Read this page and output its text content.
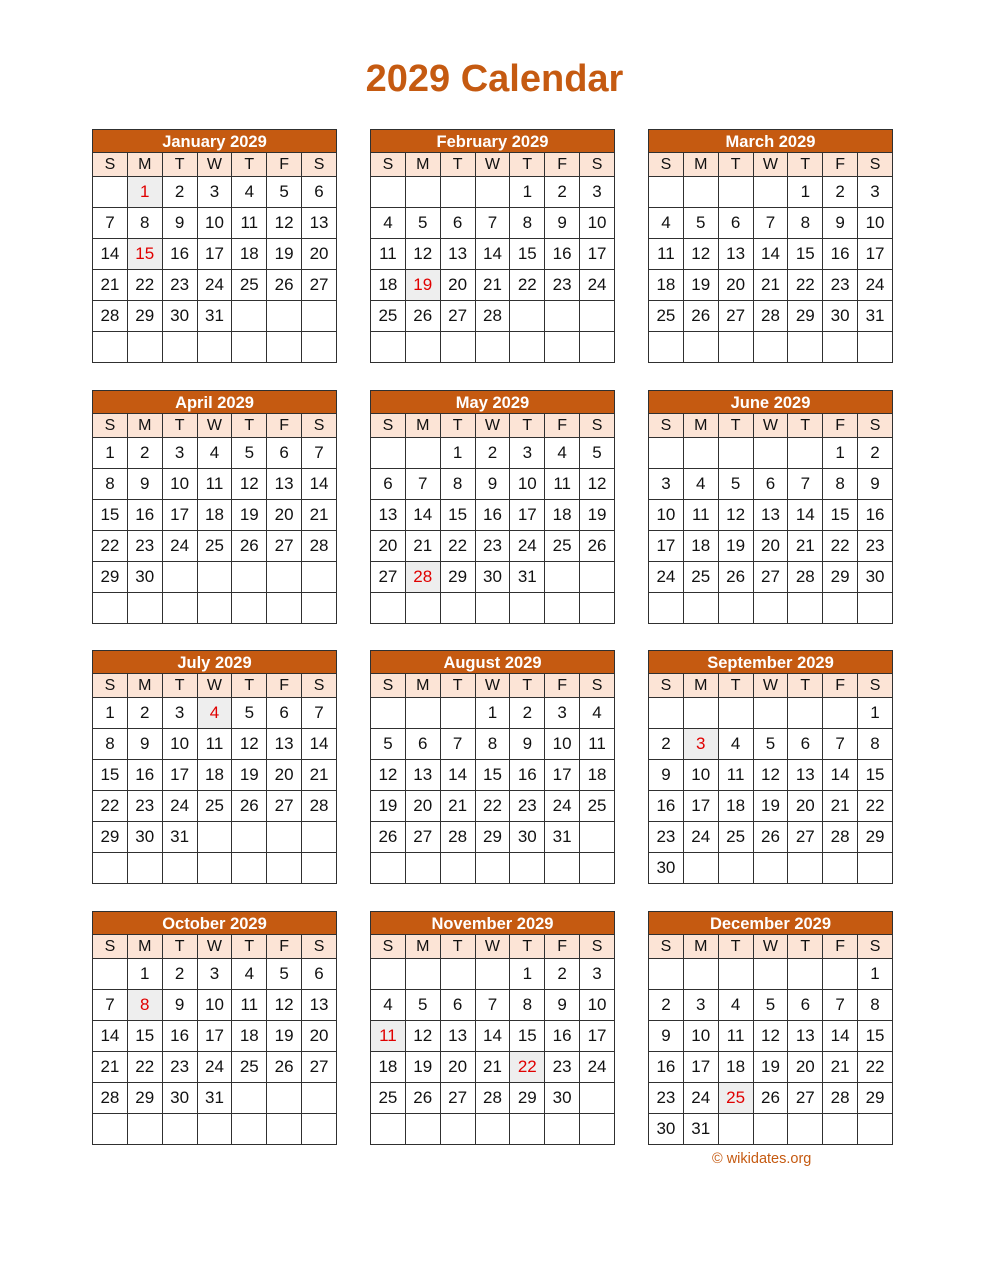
2029 Calendar
January 2029
S	M	T	W	T	F	S
	1	2	3	4	5	6
7	8	9	10	11	12	13
14	15	16	17	18	19	20
21	22	23	24	25	26	27
28	29	30	31			

February 2029
S	M	T	W	T	F	S
				1	2	3
4	5	6	7	8	9	10
11	12	13	14	15	16	17
18	19	20	21	22	23	24
25	26	27	28			

March 2029
S	M	T	W	T	F	S
				1	2	3
4	5	6	7	8	9	10
11	12	13	14	15	16	17
18	19	20	21	22	23	24
25	26	27	28	29	30	31

April 2029
S	M	T	W	T	F	S
1	2	3	4	5	6	7
8	9	10	11	12	13	14
15	16	17	18	19	20	21
22	23	24	25	26	27	28
29	30					

May 2029
S	M	T	W	T	F	S
		1	2	3	4	5
6	7	8	9	10	11	12
13	14	15	16	17	18	19
20	21	22	23	24	25	26
27	28	29	30	31		

June 2029
S	M	T	W	T	F	S
					1	2
3	4	5	6	7	8	9
10	11	12	13	14	15	16
17	18	19	20	21	22	23
24	25	26	27	28	29	30

July 2029
S	M	T	W	T	F	S
1	2	3	4	5	6	7
8	9	10	11	12	13	14
15	16	17	18	19	20	21
22	23	24	25	26	27	28
29	30	31				

August 2029
S	M	T	W	T	F	S
			1	2	3	4
5	6	7	8	9	10	11
12	13	14	15	16	17	18
19	20	21	22	23	24	25
26	27	28	29	30	31	

September 2029
S	M	T	W	T	F	S
						1
2	3	4	5	6	7	8
9	10	11	12	13	14	15
16	17	18	19	20	21	22
23	24	25	26	27	28	29
30						
October 2029
S	M	T	W	T	F	S
	1	2	3	4	5	6
7	8	9	10	11	12	13
14	15	16	17	18	19	20
21	22	23	24	25	26	27
28	29	30	31			

November 2029
S	M	T	W	T	F	S
				1	2	3
4	5	6	7	8	9	10
11	12	13	14	15	16	17
18	19	20	21	22	23	24
25	26	27	28	29	30	

December 2029
S	M	T	W	T	F	S
						1
2	3	4	5	6	7	8
9	10	11	12	13	14	15
16	17	18	19	20	21	22
23	24	25	26	27	28	29
30	31					
© wikidates.org
